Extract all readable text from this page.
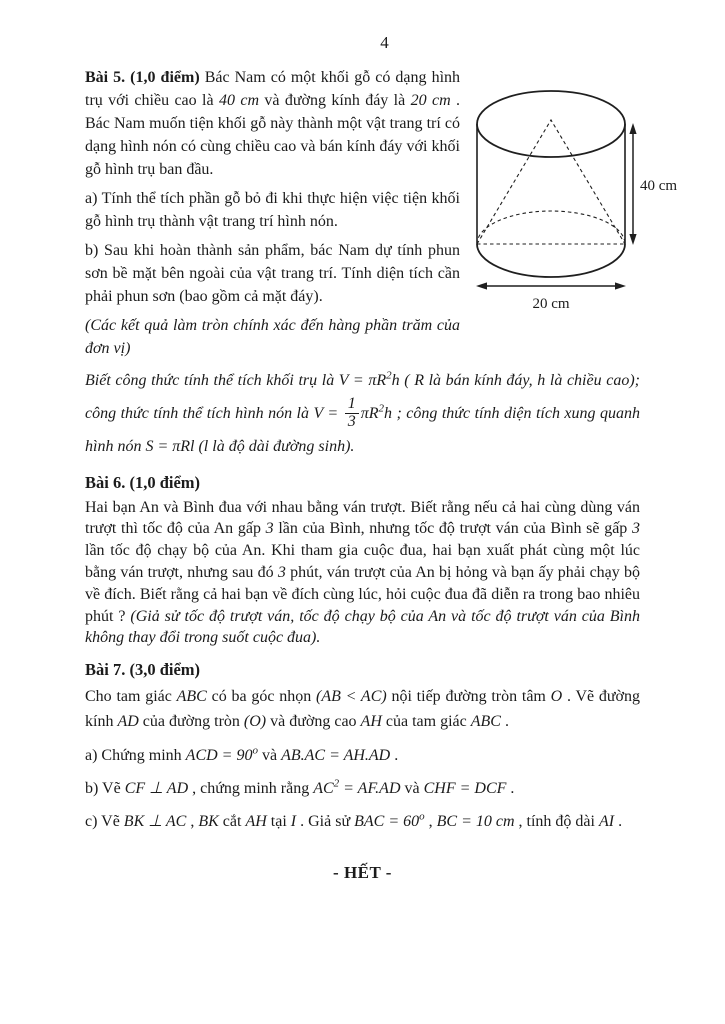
4
40 cm
20 cm

Bài 5. (1,0 điểm) Bác Nam có một khối gỗ có dạng hình trụ với chiều cao là 40 cm và đường kính đáy là 20 cm . Bác Nam muốn tiện khối gỗ này thành một vật trang trí có dạng hình nón có cùng chiều cao và bán kính đáy với khối gỗ hình trụ ban đầu.

a) Tính thể tích phần gỗ bỏ đi khi thực hiện việc tiện khối gỗ hình trụ thành vật trang trí hình nón.

b) Sau khi hoàn thành sản phẩm, bác Nam dự tính phun sơn bề mặt bên ngoài của vật trang trí. Tính diện tích cần phải phun sơn (bao gồm cả mặt đáy).

(Các kết quả làm tròn chính xác đến hàng phần trăm của đơn vị)

Biết công thức tính thể tích khối trụ là $V = \pi R^2h$ ( R là bán kính đáy, h là chiều cao); công thức tính thể tích hình nón là $V = \frac{1}{3} \pi R^2h$ ; công thức tính diện tích xung quanh hình nón S = πRl (l là độ dài đường sinh).

Bài 6. (1,0 điểm)

Hai bạn An và Bình đua với nhau bằng ván trượt. Biết rằng nếu cả hai cùng dùng ván trượt thì tốc độ của An gấp 3 lần của Bình, nhưng tốc độ trượt ván của Bình sẽ gấp 3 lần tốc độ chạy bộ của An. Khi tham gia cuộc đua, hai bạn xuất phát cùng một lúc bằng ván trượt, nhưng sau đó 3 phút, ván trượt của An bị hỏng và bạn ấy phải chạy bộ về đích. Biết rằng cả hai bạn về đích cùng lúc, hỏi cuộc đua đã diễn ra trong bao nhiêu phút ? (Giả sử tốc độ trượt ván, tốc độ chạy bộ của An và tốc độ trượt ván của Bình không thay đổi trong suốt cuộc đua).

Bài 7. (3,0 điểm)

Cho tam giác ABC có ba góc nhọn (AB < AC) nội tiếp đường tròn tâm O . Vẽ đường kính AD của đường tròn (O) và đường cao AH của tam giác ABC .

a) Chứng minh ACD = $90^o$ và AB.AC = AH.AD .

b) Vẽ CF ⊥ AD , chứng minh rằng $AC^2 = AF.AD$ và CHF = DCF .

c) Vẽ BK ⊥ AC , BK cắt AH tại I . Giả sử BAC = $60^o$ , BC = 10 cm , tính độ dài AI .

- HẾT -
